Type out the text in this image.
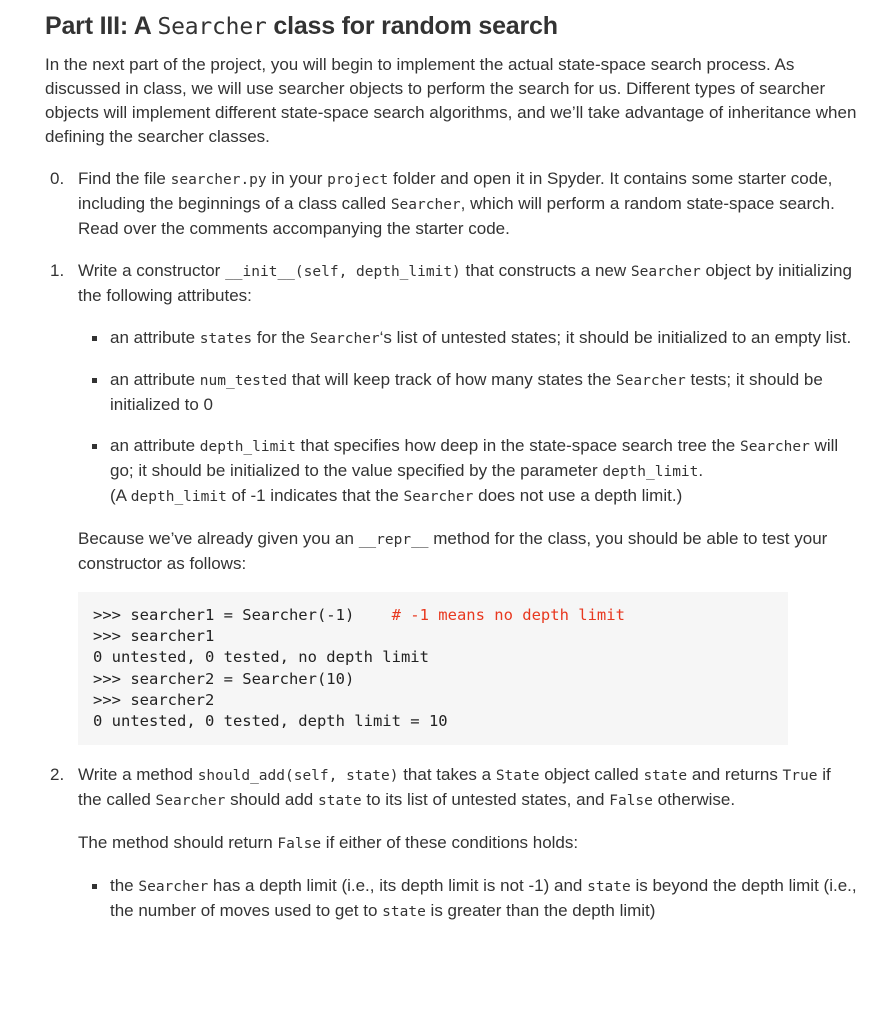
Part III: A Searcher class for random search

In the next part of the project, you will begin to implement the actual state-space search process. As discussed in class, we will use searcher objects to perform the search for us. Different types of searcher objects will implement different state-space search algorithms, and we’ll take advantage of inheritance when defining the searcher classes.

0. Find the file searcher.py in your project folder and open it in Spyder. It contains some starter code, including the beginnings of a class called Searcher, which will perform a random state-space search. Read over the comments accompanying the starter code.

1. Write a constructor __init__(self, depth_limit) that constructs a new Searcher object by initializing the following attributes:

an attribute states for the Searcher‘s list of untested states; it should be initialized to an empty list.
an attribute num_tested that will keep track of how many states the Searcher tests; it should be initialized to 0
an attribute depth_limit that specifies how deep in the state-space search tree the Searcher will go; it should be initialized to the value specified by the parameter depth_limit.
(A depth_limit of -1 indicates that the Searcher does not use a depth limit.)

Because we’ve already given you an __repr__ method for the class, you should be able to test your constructor as follows:

>>> searcher1 = Searcher(-1)    # -1 means no depth limit
>>> searcher1
0 untested, 0 tested, no depth limit
>>> searcher2 = Searcher(10)
>>> searcher2
0 untested, 0 tested, depth limit = 10
2. Write a method should_add(self, state) that takes a State object called state and returns True if the called Searcher should add state to its list of untested states, and False otherwise.

The method should return False if either of these conditions holds:

the Searcher has a depth limit (i.e., its depth limit is not -1) and state is beyond the depth limit (i.e., the number of moves used to get to state is greater than the depth limit)
